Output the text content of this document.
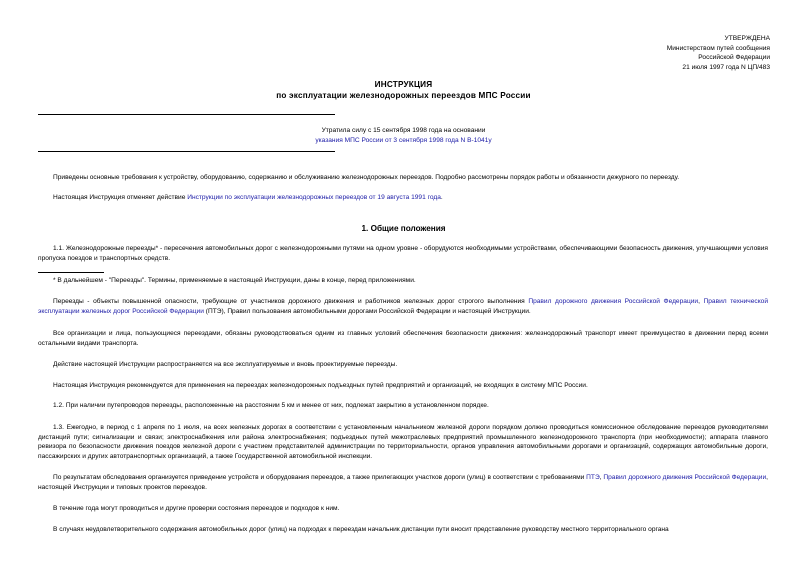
УТВЕРЖДЕНА
Министерством путей сообщения
Российской Федерации
21 июля 1997 года N ЦП/483
ИНСТРУКЦИЯ
по эксплуатации железнодорожных переездов МПС России
Утратила силу с 15 сентября 1998 года на основании
указания МПС России от 3 сентября 1998 года N В-1041у
Приведены основные требования к устройству, оборудованию, содержанию и обслуживанию железнодорожных переездов. Подробно рассмотрены порядок работы и обязанности дежурного по переезду.
Настоящая Инструкция отменяет действие Инструкции по эксплуатации железнодорожных переездов от 19 августа 1991 года.
1. Общие положения
1.1. Железнодорожные переезды* - пересечения автомобильных дорог с железнодорожными путями на одном уровне - оборудуются необходимыми устройствами, обеспечивающими безопасность движения, улучшающими условия пропуска поездов и транспортных средств.
* В дальнейшем - "Переезды". Термины, применяемые в настоящей Инструкции, даны в конце, перед приложениями.
Переезды - объекты повышенной опасности, требующие от участников дорожного движения и работников железных дорог строгого выполнения Правил дорожного движения Российской Федерации, Правил технической эксплуатации железных дорог Российской Федерации (ПТЭ), Правил пользования автомобильными дорогами Российской Федерации и настоящей Инструкции.
Все организации и лица, пользующиеся переездами, обязаны руководствоваться одним из главных условий обеспечения безопасности движения: железнодорожный транспорт имеет преимущество в движении перед всеми остальными видами транспорта.
Действие настоящей Инструкции распространяется на все эксплуатируемые и вновь проектируемые переезды.
Настоящая Инструкция рекомендуется для применения на переездах железнодорожных подъездных путей предприятий и организаций, не входящих в систему МПС России.
1.2. При наличии путепроводов переезды, расположенные на расстоянии 5 км и менее от них, подлежат закрытию в установленном порядке.
1.3. Ежегодно, в период с 1 апреля по 1 июля, на всех железных дорогах в соответствии с установленным начальником железной дороги порядком должно проводиться комиссионное обследование переездов руководителями дистанций пути; сигнализации и связи; электроснабжения или района электроснабжения; подъездных путей межотраслевых предприятий промышленного железнодорожного транспорта (при необходимости); аппарата главного ревизора по безопасности движения поездов железной дороги с участием представителей администрации по территориальности, органов управления автомобильными дорогами и организаций, содержащих автомобильные дороги, пассажирских и других автотранспортных организаций, а также Государственной автомобильной инспекции.
По результатам обследования организуется приведение устройств и оборудования переездов, а также прилегающих участков дороги (улиц) в соответствии с требованиями ПТЭ, Правил дорожного движения Российской Федерации, настоящей Инструкции и типовых проектов переездов.
В течение года могут проводиться и другие проверки состояния переездов и подходов к ним.
В случаях неудовлетворительного содержания автомобильных дорог (улиц) на подходах к переездам начальник дистанции пути вносит представление руководству местного территориального органа
